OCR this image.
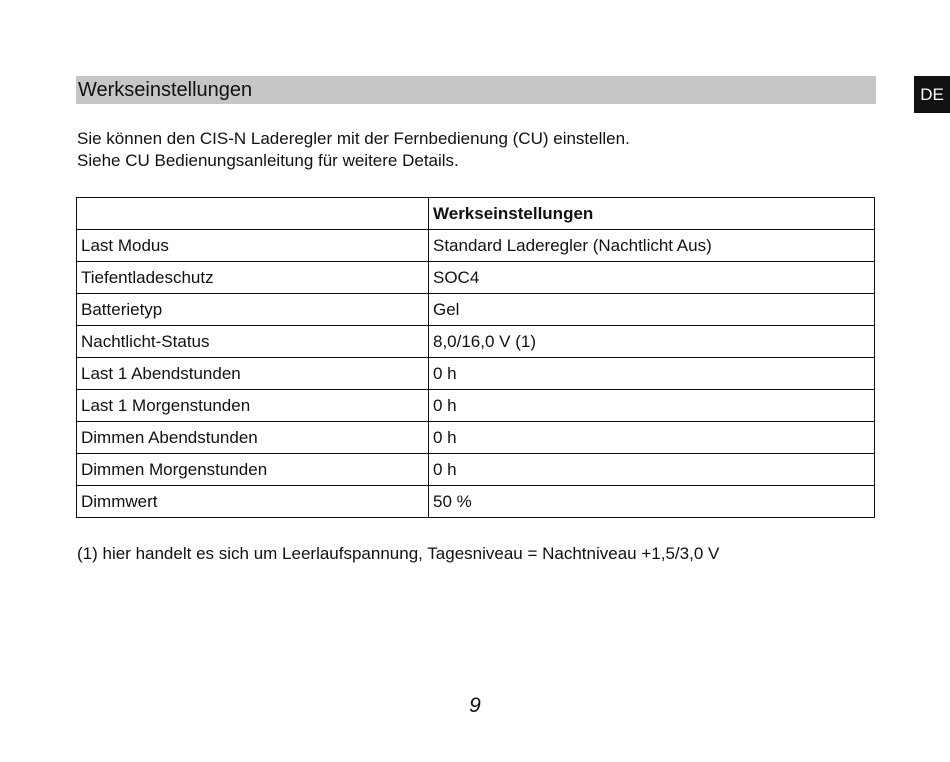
Werkseinstellungen	DE

Sie können den CIS-N Laderegler mit der Fernbedienung (CU) einstellen.

Siehe CU Bedienungsanleitung für weitere Details.

	Werkseinstellungen
Last Modus	Standard Laderegler (Nachtlicht Aus)
Tiefentladeschutz	SOC4
Batterietyp	Gel
Nachtlicht-Status	8,0/16,0 V (1)
Last 1 Abendstunden	0 h
Last 1 Morgenstunden	0 h
Dimmen Abendstunden	0 h
Dimmen Morgenstunden	0 h
Dimmwert	50 %
(1) hier handelt es sich um Leerlaufspannung, Tagesniveau = Nachtniveau +1,5/3,0 V
9
